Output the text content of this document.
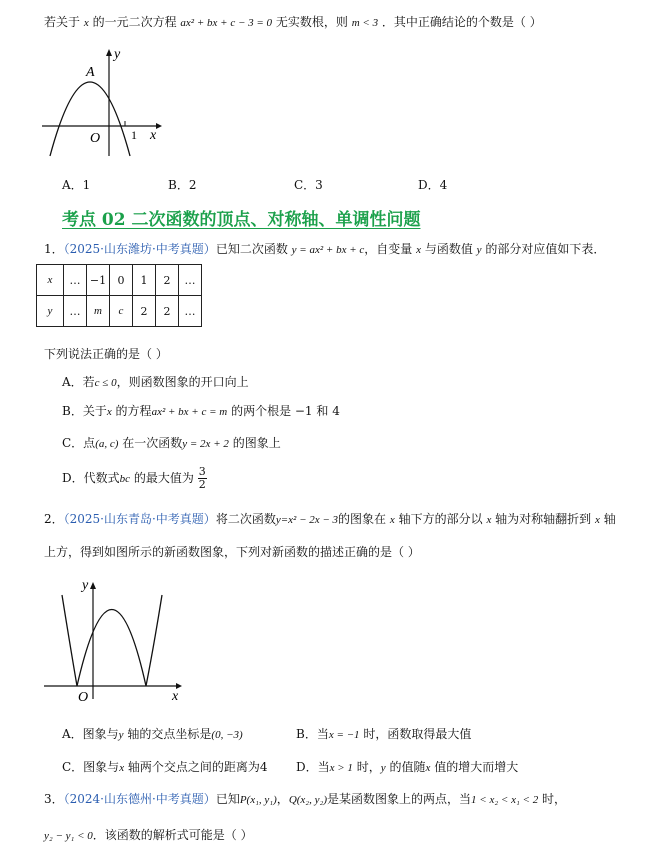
若关于 x 的一元二次方程 ax² + bx + c − 3 = 0 无实数根，则 m < 3 ．其中正确结论的个数是（ ）
y
x
O
A
1
A．1	B．2	C．3	D．4
考点 02 二次函数的顶点、对称轴、单调性问题
1．（2025·山东潍坊·中考真题）已知二次函数 y = ax² + bx + c，自变量 x 与函数值 y 的部分对应值如下表．
x	…	−1	0	1	2	…
y	…	m	c	2	2	…
下列说法正确的是（ ）
A．若c ≤ 0，则函数图象的开口向上
B．关于x 的方程ax² + bx + c = m 的两个根是 −1 和 4
C．点(a, c) 在一次函数y = 2x + 2 的图象上
D．代数式bc 的最大值为 $\frac{3}{2}$
2．（2025·山东青岛·中考真题）将二次函数y=x² − 2x − 3的图象在 x 轴下方的部分以 x 轴为对称轴翻折到 x 轴
上方，得到如图所示的新函数图象，下列对新函数的描述正确的是（ ）
y
x
O
A．图象与y 轴的交点坐标是(0, −3)	B．当x = −1 时，函数取得最大值
C．图象与x 轴两个交点之间的距离为4 D．当x > 1 时，y 的值随x 值的增大而增大
3．（2024·山东德州·中考真题）已知P(x₁, y₁)，Q(x₂, y₂)是某函数图象上的两点，当1 < x₂ < x₁ < 2 时，
y₂ − y₁ < 0．该函数的解析式可能是（ ）
